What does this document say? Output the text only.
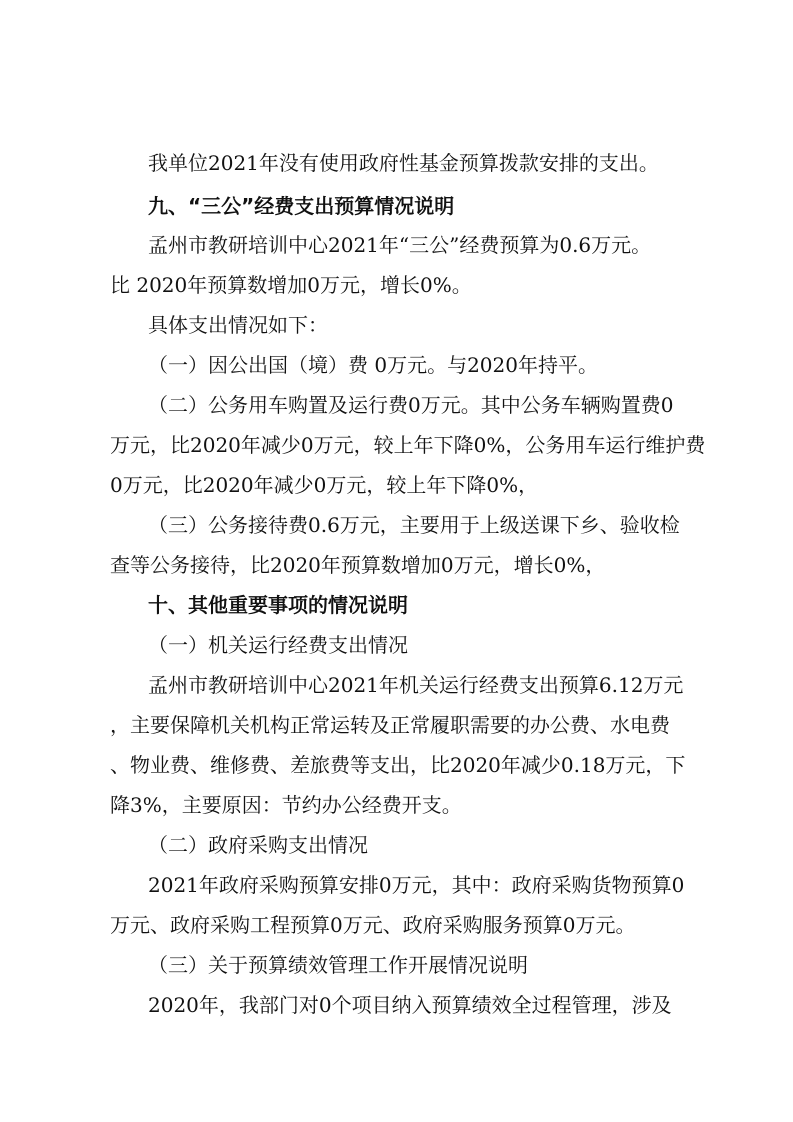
我单位2021年没有使用政府性基金预算拨款安排的支出。
九、“三公”经费支出预算情况说明
孟州市教研培训中心2021年“三公”经费预算为0.6万元。
比 2020年预算数增加0万元，增长0%。
具体支出情况如下：
（一）因公出国（境）费 0万元。与2020年持平。
（二）公务用车购置及运行费0万元。其中公务车辆购置费0
万元，比2020年减少0万元，较上年下降0%，公务用车运行维护费
0万元，比2020年减少0万元，较上年下降0%，
（三）公务接待费0.6万元，主要用于上级送课下乡、验收检
查等公务接待，比2020年预算数增加0万元，增长0%，
十、其他重要事项的情况说明
（一）机关运行经费支出情况
孟州市教研培训中心2021年机关运行经费支出预算6.12万元
，主要保障机关机构正常运转及正常履职需要的办公费、水电费
、物业费、维修费、差旅费等支出，比2020年减少0.18万元，下
降3%，主要原因：节约办公经费开支。
（二）政府采购支出情况
2021年政府采购预算安排0万元，其中：政府采购货物预算0
万元、政府采购工程预算0万元、政府采购服务预算0万元。
（三）关于预算绩效管理工作开展情况说明
2020年，我部门对0个项目纳入预算绩效全过程管理，涉及
